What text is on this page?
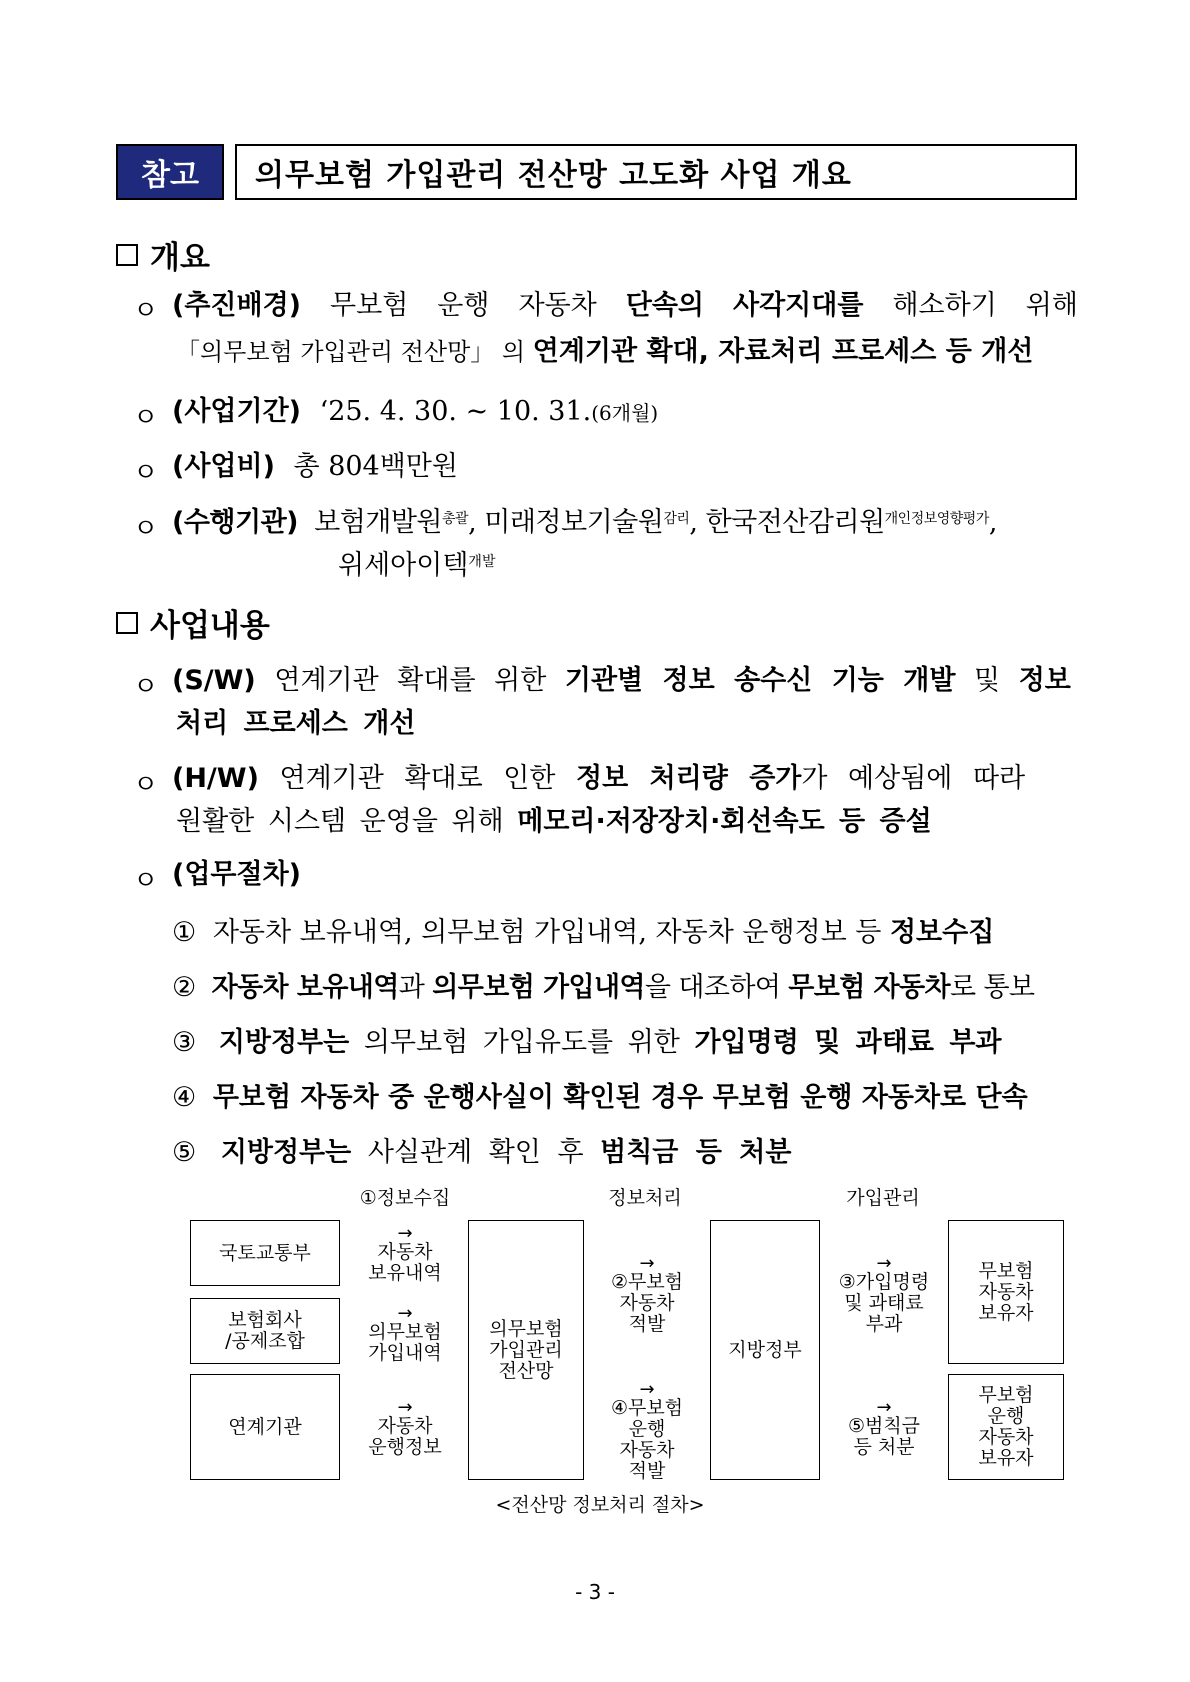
참고	의무보험 가입관리 전산망 고도화 사업 개요
개요
ㅇ (추진배경) 무보험 운행 자동차 단속의 사각지대를 해소하기 위해
「의무보험 가입관리 전산망」 의 연계기관 확대, 자료처리 프로세스 등 개선
ㅇ (사업기간) ‘25. 4. 30. ~ 10. 31.(6개월)
ㅇ (사업비) 총 804백만원
ㅇ (수행기관) 보험개발원$^{총괄}$, 미래정보기술원$^{감리}$, 한국전산감리원$^{개인정보영향평가}$,
위세아이텍$^{개발}$
사업내용
ㅇ (S/W) 연계기관 확대를 위한 기관별 정보 송수신 기능 개발 및 정보
처리 프로세스 개선
ㅇ (H/W) 연계기관 확대로 인한 정보 처리량 증가가 예상됨에 따라
원활한 시스템 운영을 위해 메모리·저장장치·회선속도 등 증설
ㅇ (업무절차)
① 자동차 보유내역, 의무보험 가입내역, 자동차 운행정보 등 정보수집
② 자동차 보유내역과 의무보험 가입내역을 대조하여 무보험 자동차로 통보
③ 지방정부는 의무보험 가입유도를 위한 가입명령 및 과태료 부과
④ 무보험 자동차 중 운행사실이 확인된 경우 무보험 운행 자동차로 단속
⑤ 지방정부는 사실관계 확인 후 범칙금 등 처분
①정보수집	정보처리	가입관리
국토교통부
보험회사
/공제조합
연계기관
→
자동차
보유내역
→
의무보험
가입내역
→
자동차
운행정보
의무보험
가입관리
전산망
→
②무보험
자동차
적발
→
④무보험
운행
자동차
적발
지방정부
→
③가입명령
및 과태료
부과
→
⑤범칙금
등 처분
무보험
자동차
보유자
무보험
운행
자동차
보유자
<전산망 정보처리 절차>
- 3 -
